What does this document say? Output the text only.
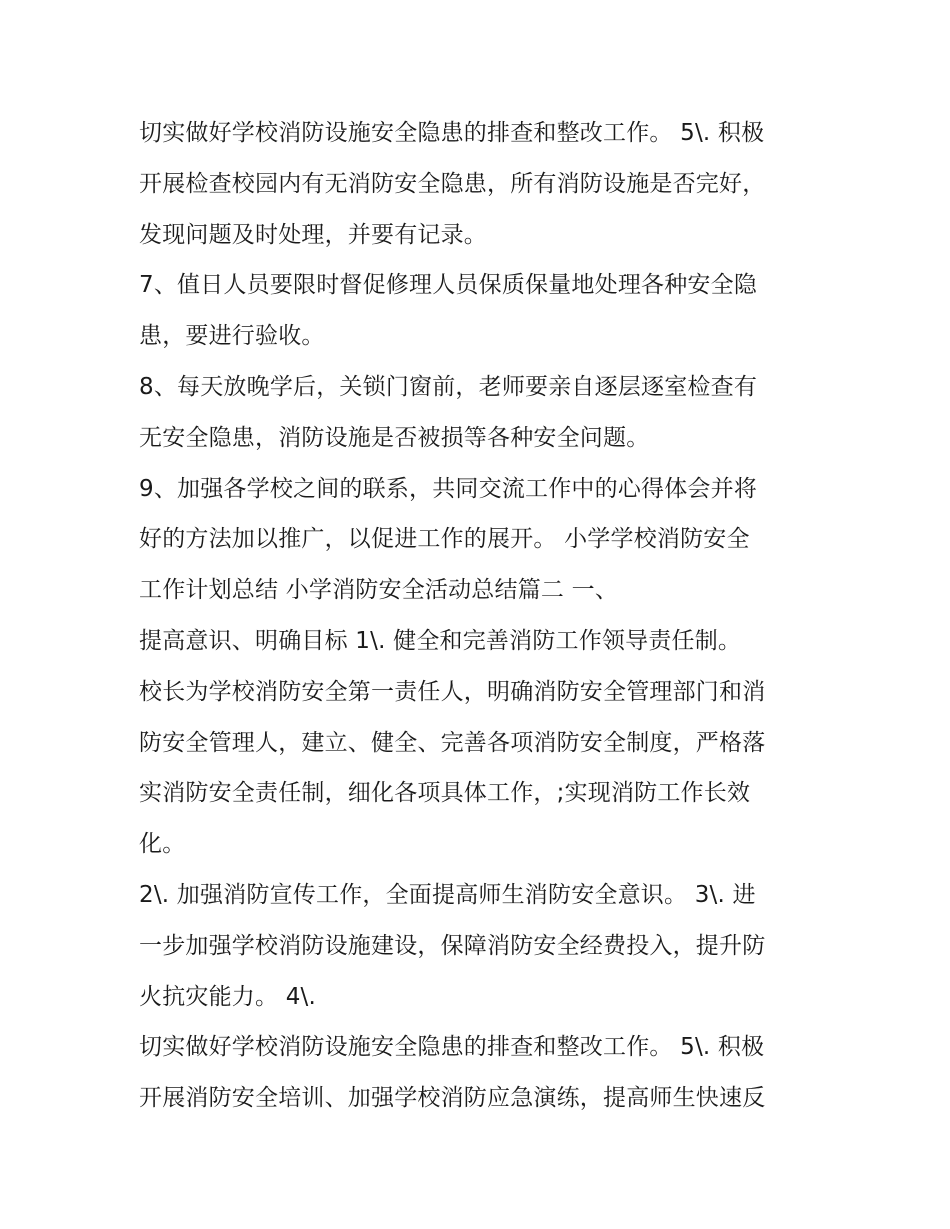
切实做好学校消防设施安全隐患的排查和整改工作。 5\. 积极
开展检查校园内有无消防安全隐患，所有消防设施是否完好，
发现问题及时处理，并要有记录。
7、值日人员要限时督促修理人员保质保量地处理各种安全隐
患，要进行验收。
8、每天放晚学后，关锁门窗前，老师要亲自逐层逐室检查有
无安全隐患，消防设施是否被损等各种安全问题。
9、加强各学校之间的联系，共同交流工作中的心得体会并将
好的方法加以推广，以促进工作的展开。 小学学校消防安全
工作计划总结 小学消防安全活动总结篇二 一、
提高意识、明确目标 1\. 健全和完善消防工作领导责任制。
校长为学校消防安全第一责任人，明确消防安全管理部门和消
防安全管理人，建立、健全、完善各项消防安全制度，严格落
实消防安全责任制，细化各项具体工作，;实现消防工作长效
化。
2\. 加强消防宣传工作，全面提高师生消防安全意识。 3\. 进
一步加强学校消防设施建设，保障消防安全经费投入，提升防
火抗灾能力。 4\.
切实做好学校消防设施安全隐患的排查和整改工作。 5\. 积极
开展消防安全培训、加强学校消防应急演练，提高师生快速反
